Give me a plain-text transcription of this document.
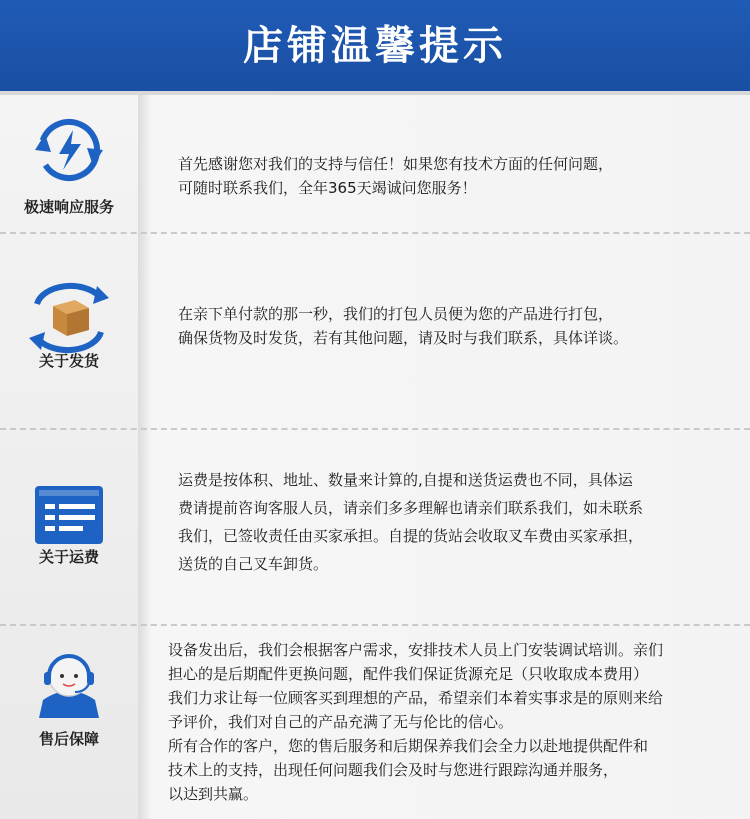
店铺温馨提示
极速响应服务

首先感谢您对我们的支持与信任！如果您有技术方面的任何问题，

可随时联系我们，全年365天竭诚问您服务！

关于发货

在亲下单付款的那一秒，我们的打包人员便为您的产品进行打包，

确保货物及时发货，若有其他问题，请及时与我们联系，具体详谈。

关于运费

运费是按体积、地址、数量来计算的,自提和送货运费也不同，具体运

费请提前咨询客服人员，请亲们多多理解也请亲们联系我们，如未联系

我们，已签收责任由买家承担。自提的货站会收取叉车费由买家承担，

送货的自己叉车卸货。

售后保障

设备发出后，我们会根据客户需求，安排技术人员上门安装调试培训。亲们

担心的是后期配件更换问题，配件我们保证货源充足（只收取成本费用）

我们力求让每一位顾客买到理想的产品，希望亲们本着实事求是的原则来给

予评价，我们对自己的产品充满了无与伦比的信心。

所有合作的客户，您的售后服务和后期保养我们会全力以赴地提供配件和

技术上的支持，出现任何问题我们会及时与您进行跟踪沟通并服务，

以达到共赢。
